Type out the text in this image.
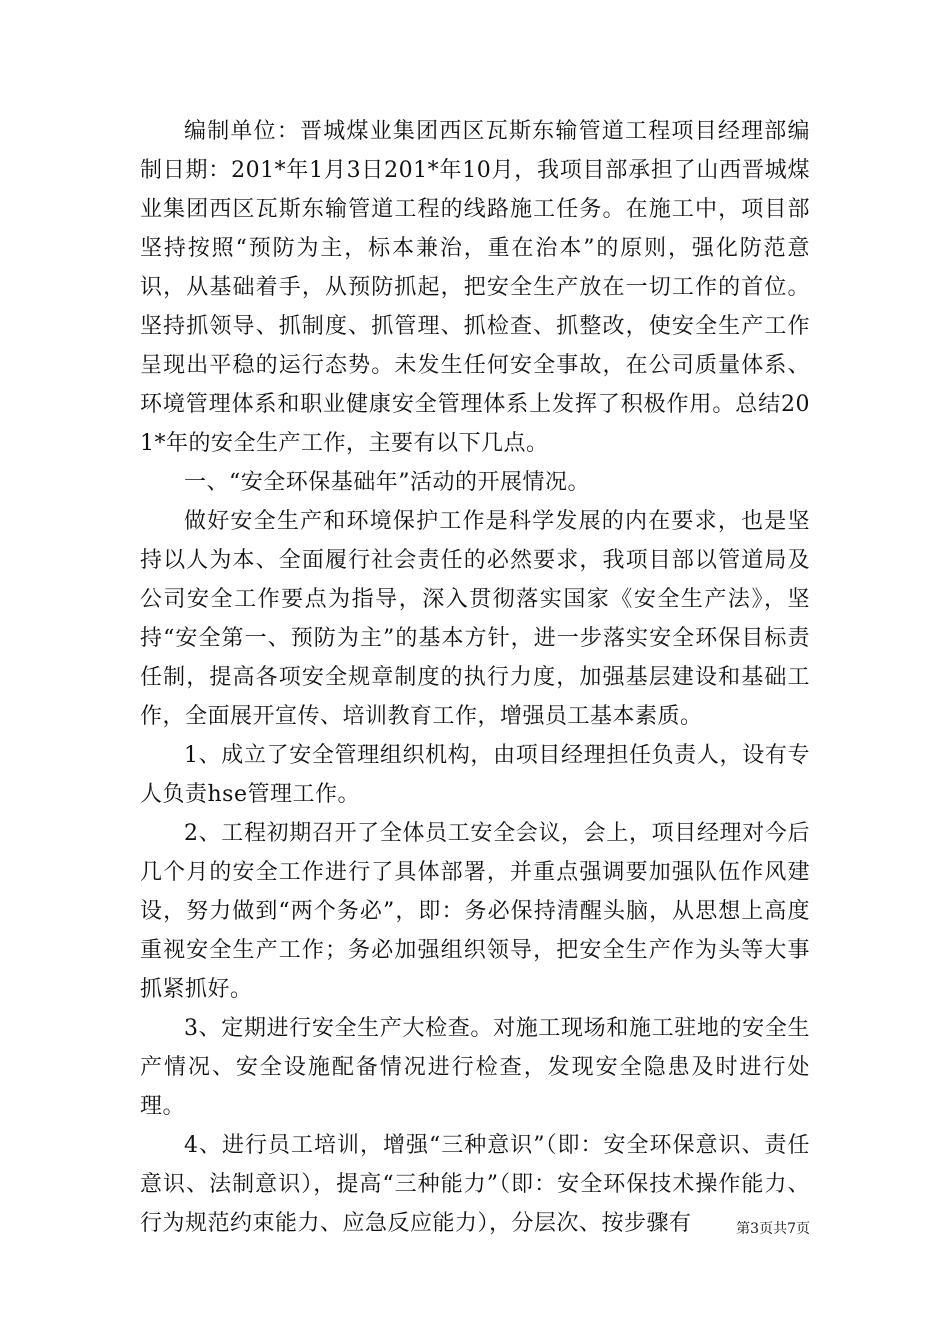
编制单位：晋城煤业集团西区瓦斯东输管道工程项目经理部编制日期：201*年1月3日201*年10月，我项目部承担了山西晋城煤业集团西区瓦斯东输管道工程的线路施工任务。在施工中，项目部坚持按照“预防为主，标本兼治，重在治本”的原则，强化防范意识，从基础着手，从预防抓起，把安全生产放在一切工作的首位。坚持抓领导、抓制度、抓管理、抓检查、抓整改，使安全生产工作呈现出平稳的运行态势。未发生任何安全事故，在公司质量体系、环境管理体系和职业健康安全管理体系上发挥了积极作用。总结201*年的安全生产工作，主要有以下几点。

一、“安全环保基础年”活动的开展情况。

做好安全生产和环境保护工作是科学发展的内在要求，也是坚持以人为本、全面履行社会责任的必然要求，我项目部以管道局及公司安全工作要点为指导，深入贯彻落实国家《安全生产法》，坚持“安全第一、预防为主”的基本方针，进一步落实安全环保目标责任制，提高各项安全规章制度的执行力度，加强基层建设和基础工作，全面展开宣传、培训教育工作，增强员工基本素质。

1、成立了安全管理组织机构，由项目经理担任负责人，设有专人负责hse管理工作。

2、工程初期召开了全体员工安全会议，会上，项目经理对今后几个月的安全工作进行了具体部署，并重点强调要加强队伍作风建设，努力做到“两个务必”，即：务必保持清醒头脑，从思想上高度重视安全生产工作；务必加强组织领导，把安全生产作为头等大事抓紧抓好。

3、定期进行安全生产大检查。对施工现场和施工驻地的安全生产情况、安全设施配备情况进行检查，发现安全隐患及时进行处理。

4、进行员工培训，增强“三种意识”（即：安全环保意识、责任意识、法制意识），提高“三种能力”（即：安全环保技术操作能力、行为规范约束能力、应急反应能力），分层次、按步骤有	第3页共7页
